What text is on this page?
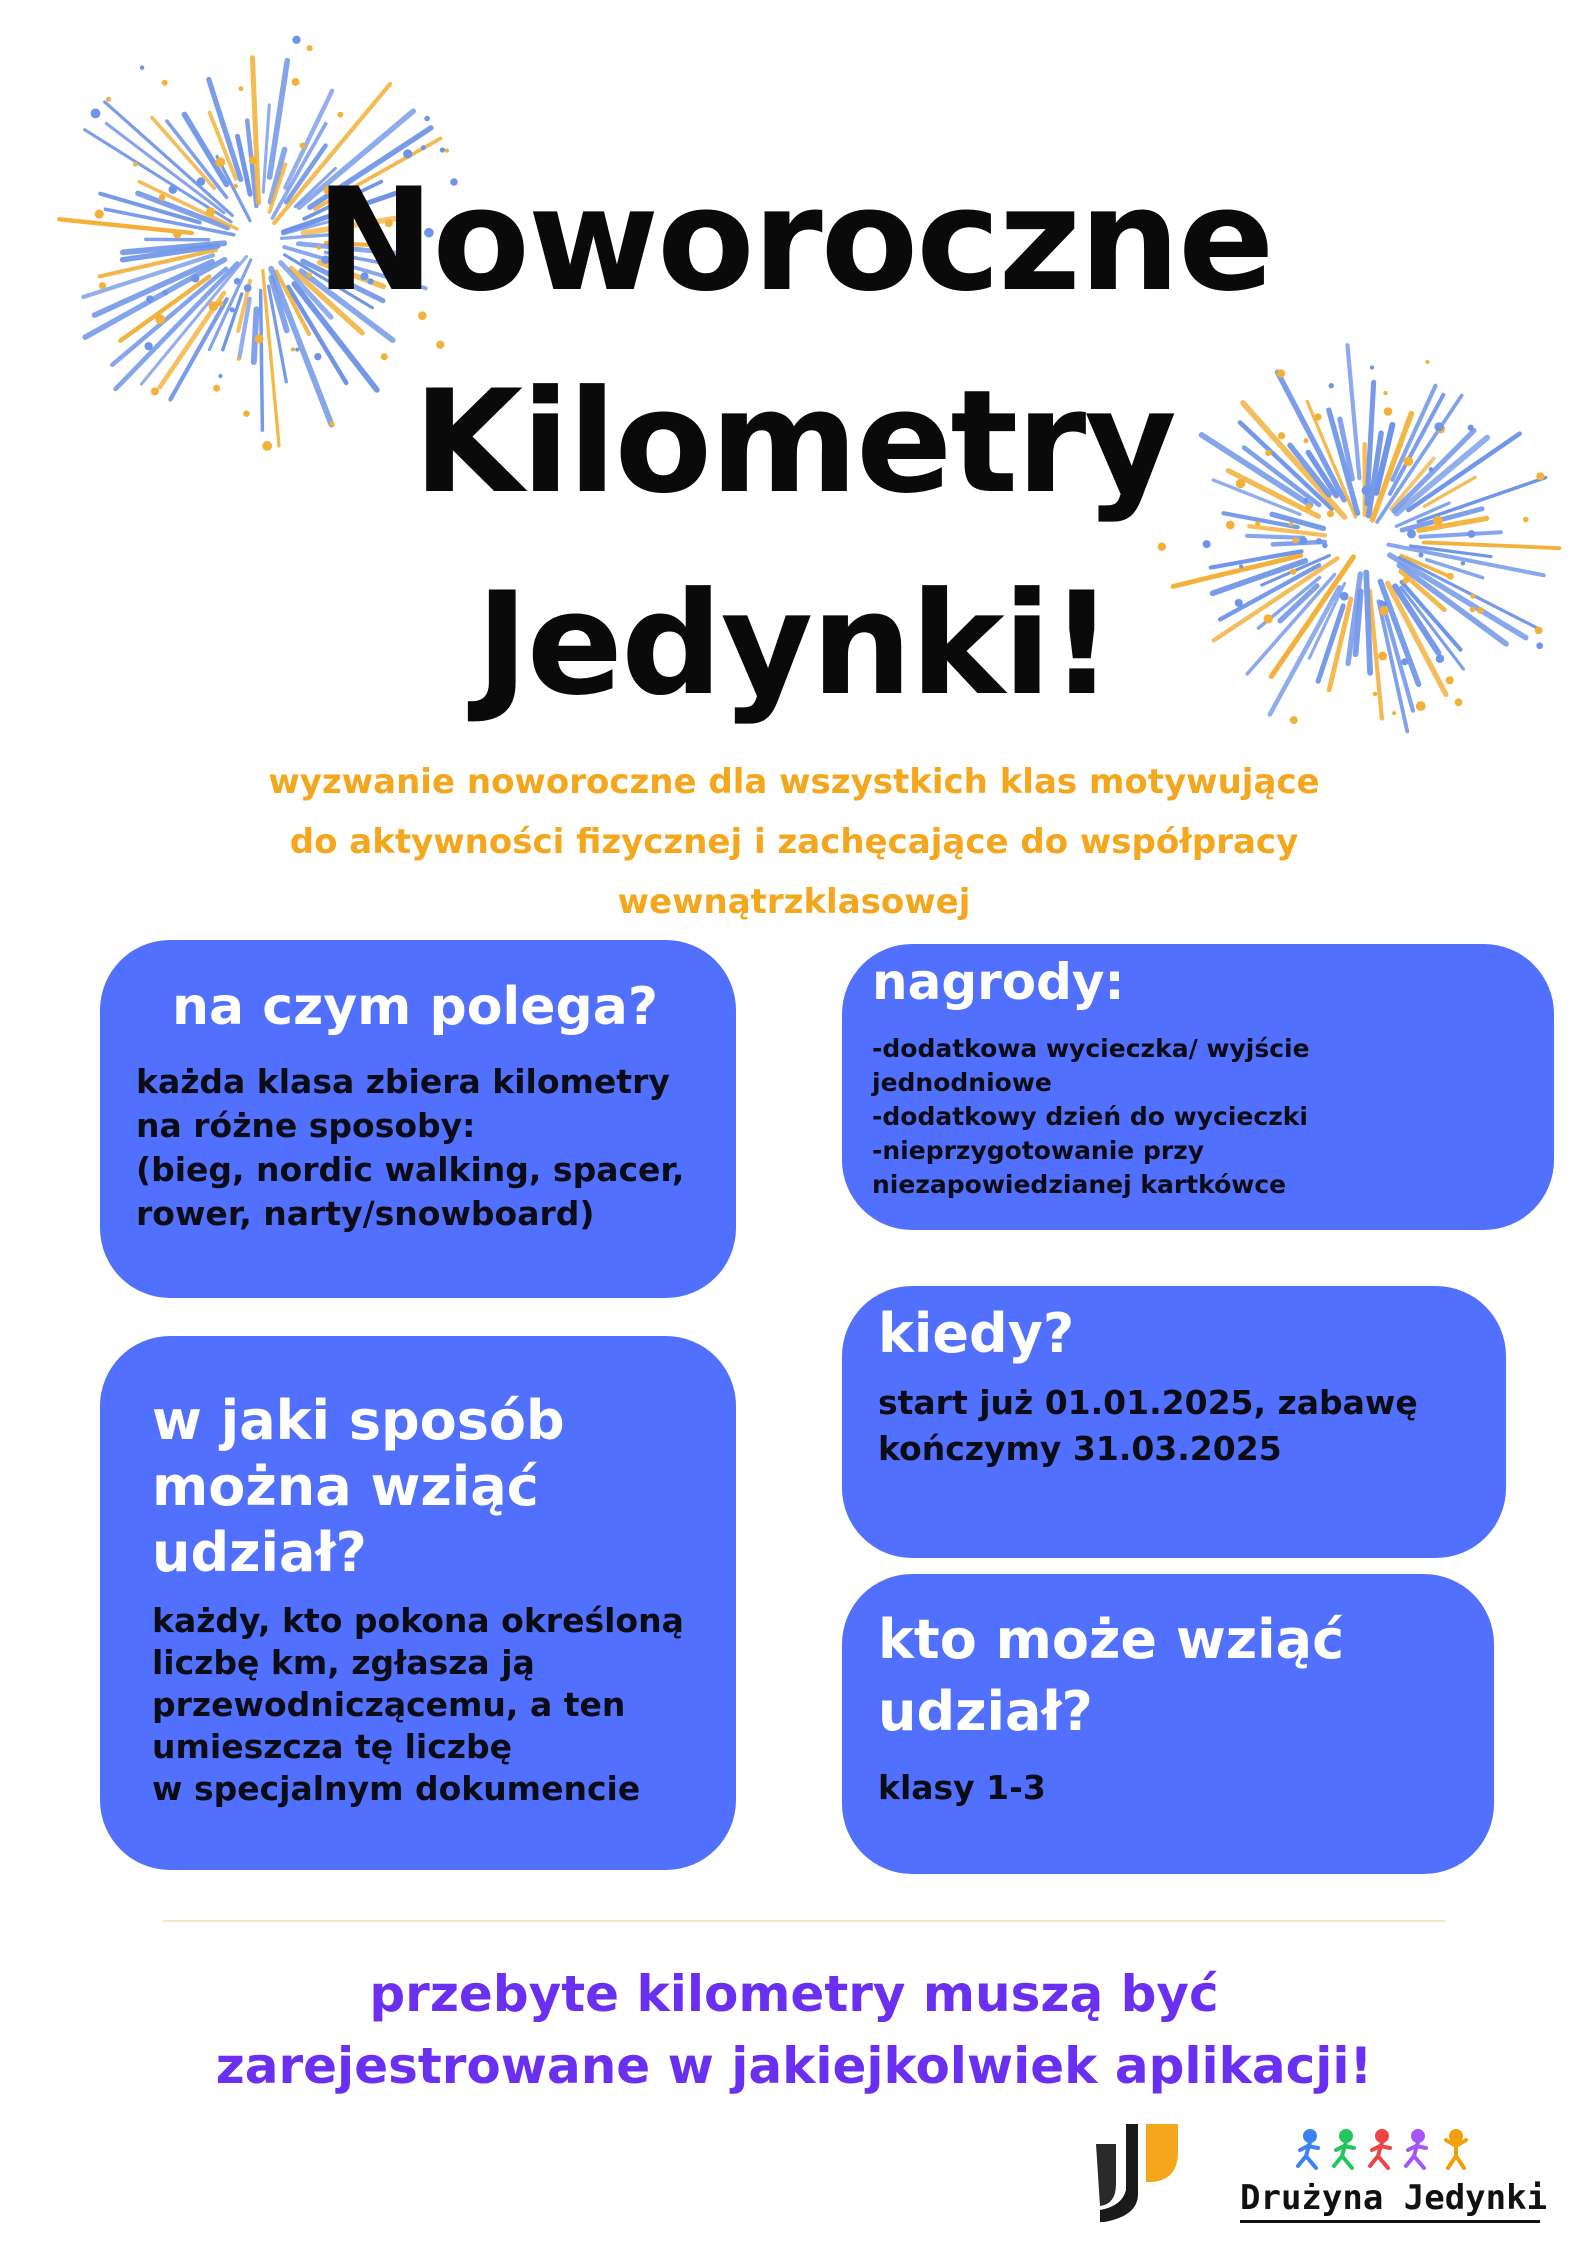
Noworoczne
Kilometry
Jedynki!
wyzwanie noworoczne dla wszystkich klas motywujące
do aktywności fizycznej i zachęcające do współpracy
wewnątrzklasowej
na czym polega?
każda klasa zbiera kilometry
na różne sposoby:
(bieg, nordic walking, spacer,
rower, narty/snowboard)
nagrody:
-dodatkowa wycieczka/ wyjście
jednodniowe
-dodatkowy dzień do wycieczki
-nieprzygotowanie przy
niezapowiedzianej kartkówce
kiedy?
start już 01.01.2025, zabawę
kończymy 31.03.2025
w jaki sposób
można wziąć
udział?
każdy, kto pokona określoną
liczbę km, zgłasza ją
przewodniczącemu, a ten
umieszcza tę liczbę
w specjalnym dokumencie
kto może wziąć
udział?
klasy 1-3
przebyte kilometry muszą być
zarejestrowane w jakiejkolwiek aplikacji!
Drużyna Jedynki
